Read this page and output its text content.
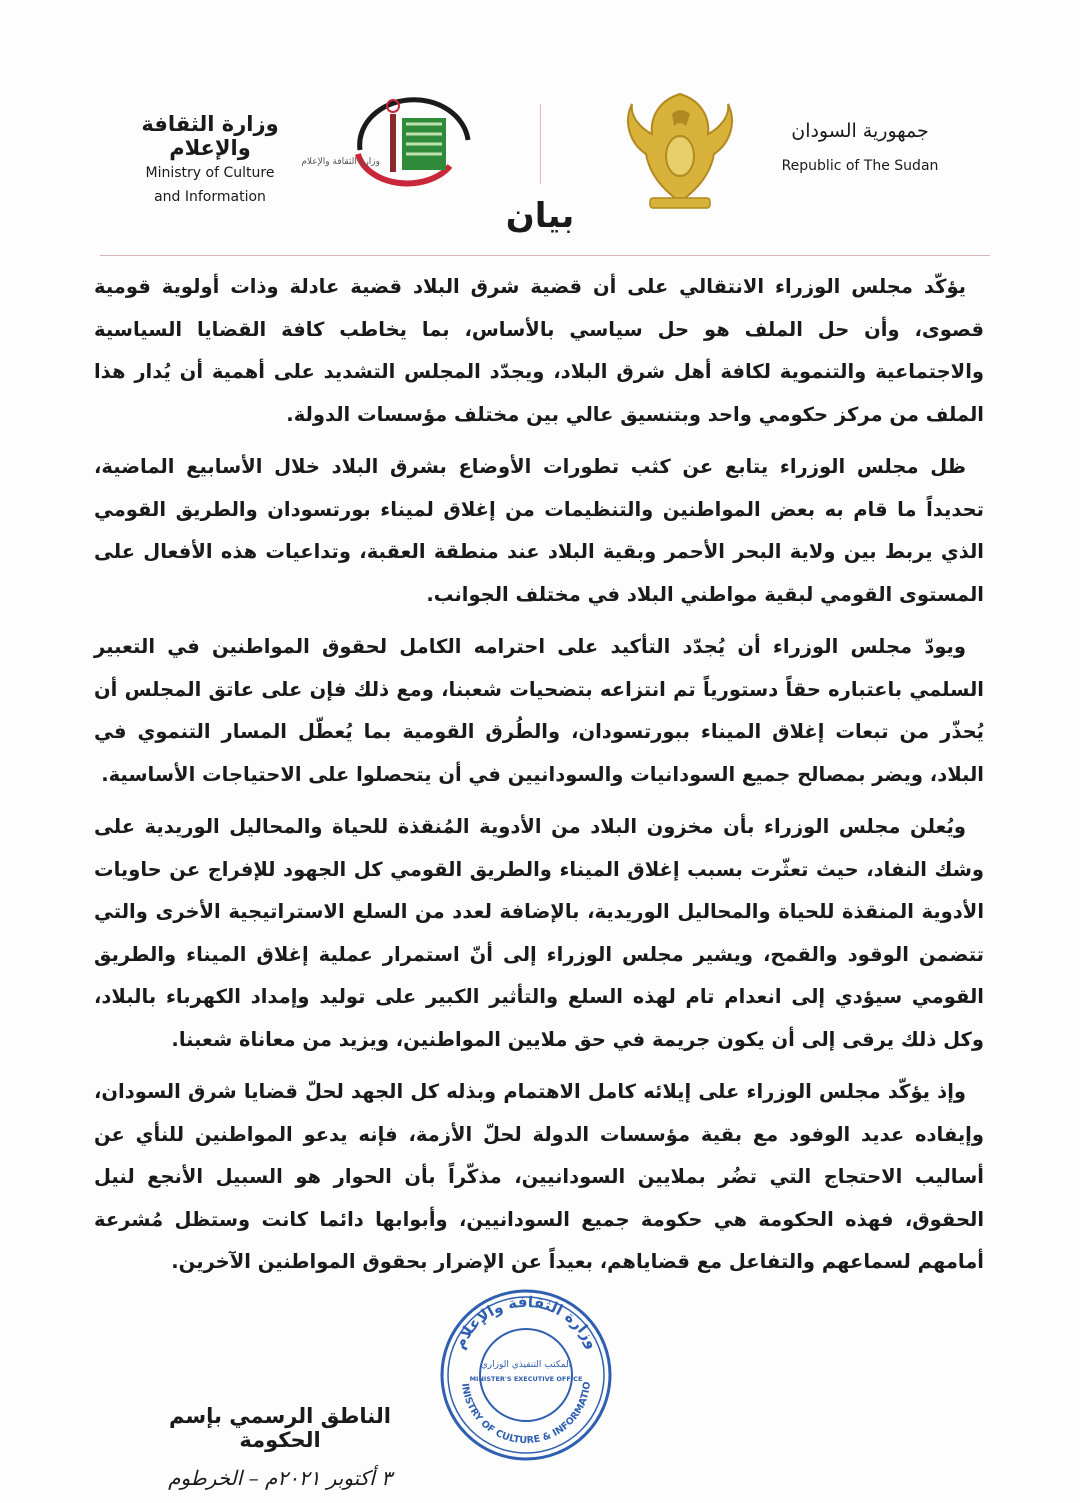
وزارة الثقافة والإعلام
Ministry of Culture
and Information
وزارة الثقافة والإعلام
جمهورية السودان
Republic of The Sudan
بيان

يؤكّد مجلس الوزراء الانتقالي على أن قضية شرق البلاد قضية عادلة وذات أولوية قومية قصوى، وأن حل الملف هو حل سياسي بالأساس، بما يخاطب كافة القضايا السياسية والاجتماعية والتنموية لكافة أهل شرق البلاد، ويجدّد المجلس التشديد على أهمية أن يُدار هذا الملف من مركز حكومي واحد وبتنسيق عالي بين مختلف مؤسسات الدولة.

ظل مجلس الوزراء يتابع عن كثب تطورات الأوضاع بشرق البلاد خلال الأسابيع الماضية، تحديداً ما قام به بعض المواطنين والتنظيمات من إغلاق لميناء بورتسودان والطريق القومي الذي يربط بين ولاية البحر الأحمر وبقية البلاد عند منطقة العقبة، وتداعيات هذه الأفعال على المستوى القومي لبقية مواطني البلاد في مختلف الجوانب.

ويودّ مجلس الوزراء أن يُجدّد التأكيد على احترامه الكامل لحقوق المواطنين في التعبير السلمي باعتباره حقاً دستورياً تم انتزاعه بتضحيات شعبنا، ومع ذلك فإن على عاتق المجلس أن يُحذّر من تبعات إغلاق الميناء ببورتسودان، والطُرق القومية بما يُعطّل المسار التنموي في البلاد، ويضر بمصالح جميع السودانيات والسودانيين في أن يتحصلوا على الاحتياجات الأساسية.

ويُعلن مجلس الوزراء بأن مخزون البلاد من الأدوية المُنقذة للحياة والمحاليل الوريدية على وشك النفاد، حيث تعثّرت بسبب إغلاق الميناء والطريق القومي كل الجهود للإفراج عن حاويات الأدوية المنقذة للحياة والمحاليل الوريدية، بالإضافة لعدد من السلع الاستراتيجية الأخرى والتي تتضمن الوقود والقمح، ويشير مجلس الوزراء إلى أنّ استمرار عملية إغلاق الميناء والطريق القومي سيؤدي إلى انعدام تام لهذه السلع والتأثير الكبير على توليد وإمداد الكهرباء بالبلاد، وكل ذلك يرقى إلى أن يكون جريمة في حق ملايين المواطنين، ويزيد من معاناة شعبنا.

وإذ يؤكّد مجلس الوزراء على إيلائه كامل الاهتمام وبذله كل الجهد لحلّ قضايا شرق السودان، وإيفاده عديد الوفود مع بقية مؤسسات الدولة لحلّ الأزمة، فإنه يدعو المواطنين للنأي عن أساليب الاحتجاج التي تضُر بملايين السودانيين، مذكّراً بأن الحوار هو السبيل الأنجع لنيل الحقوق، فهذه الحكومة هي حكومة جميع السودانيين، وأبوابها دائما كانت وستظل مُشرعة أمامهم لسماعهم والتفاعل مع قضاياهم، بعيداً عن الإضرار بحقوق المواطنين الآخرين.

وزارة الثقافة والإعلام
INISTRY OF CULTURE & INFORMATIO
المكتب التنفيذي الوزاري
MINISTER'S EXECUTIVE OFFICE
الناطق الرسمي بإسم الحكومة
٣ أكتوبر ٢٠٢١م – الخرطوم
